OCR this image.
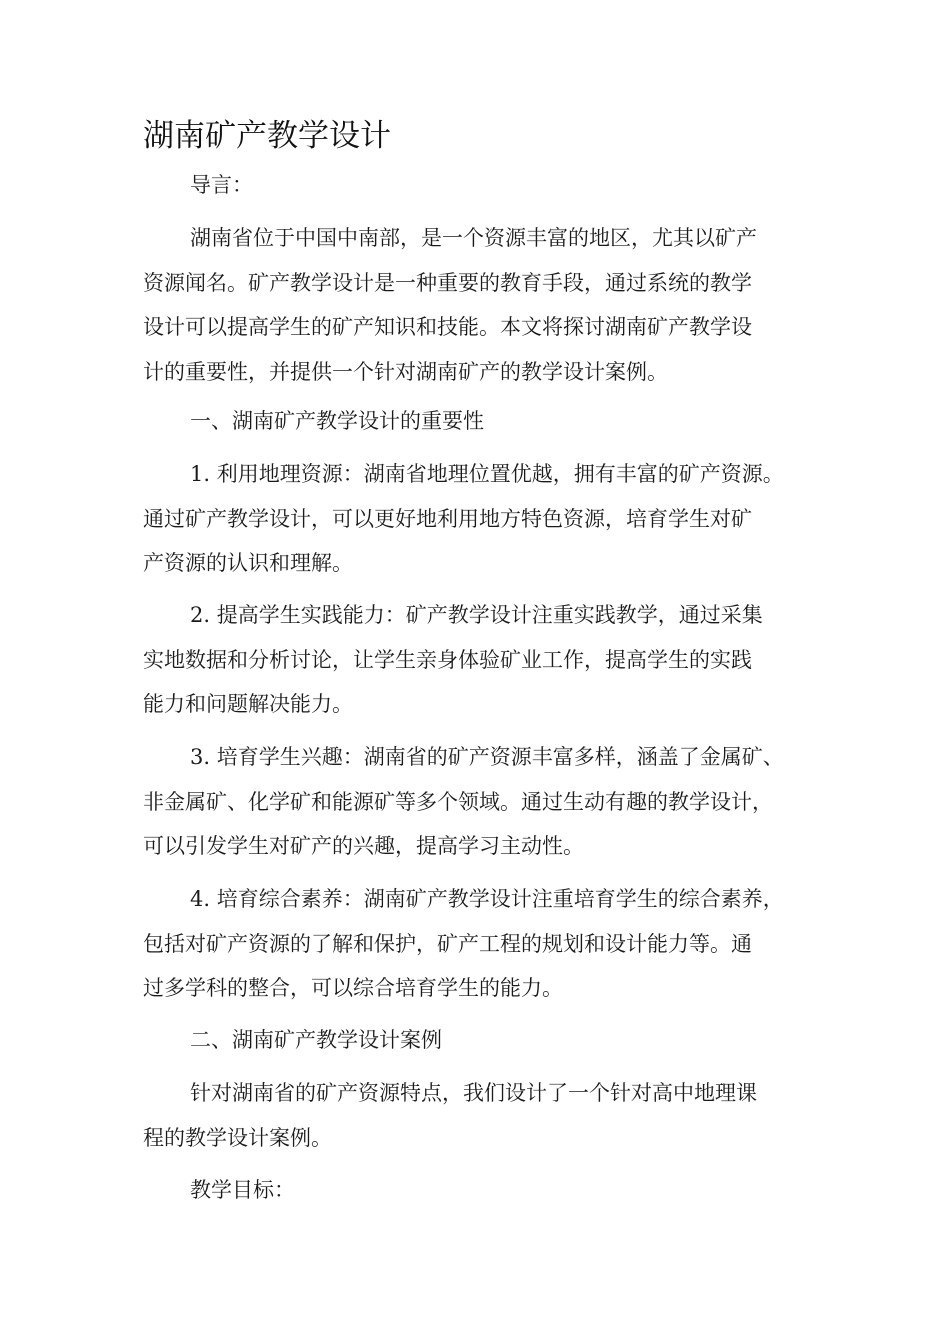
湖南矿产教学设计

导言：

湖南省位于中国中南部，是一个资源丰富的地区，尤其以矿产
资源闻名。矿产教学设计是一种重要的教育手段，通过系统的教学
设计可以提高学生的矿产知识和技能。本文将探讨湖南矿产教学设
计的重要性，并提供一个针对湖南矿产的教学设计案例。

一、湖南矿产教学设计的重要性

1. 利用地理资源：湖南省地理位置优越，拥有丰富的矿产资源。
通过矿产教学设计，可以更好地利用地方特色资源，培育学生对矿
产资源的认识和理解。

2. 提高学生实践能力：矿产教学设计注重实践教学，通过采集
实地数据和分析讨论，让学生亲身体验矿业工作，提高学生的实践
能力和问题解决能力。

3. 培育学生兴趣：湖南省的矿产资源丰富多样，涵盖了金属矿、
非金属矿、化学矿和能源矿等多个领域。通过生动有趣的教学设计，
可以引发学生对矿产的兴趣，提高学习主动性。

4. 培育综合素养：湖南矿产教学设计注重培育学生的综合素养，
包括对矿产资源的了解和保护，矿产工程的规划和设计能力等。通
过多学科的整合，可以综合培育学生的能力。

二、湖南矿产教学设计案例

针对湖南省的矿产资源特点，我们设计了一个针对高中地理课
程的教学设计案例。

教学目标：
